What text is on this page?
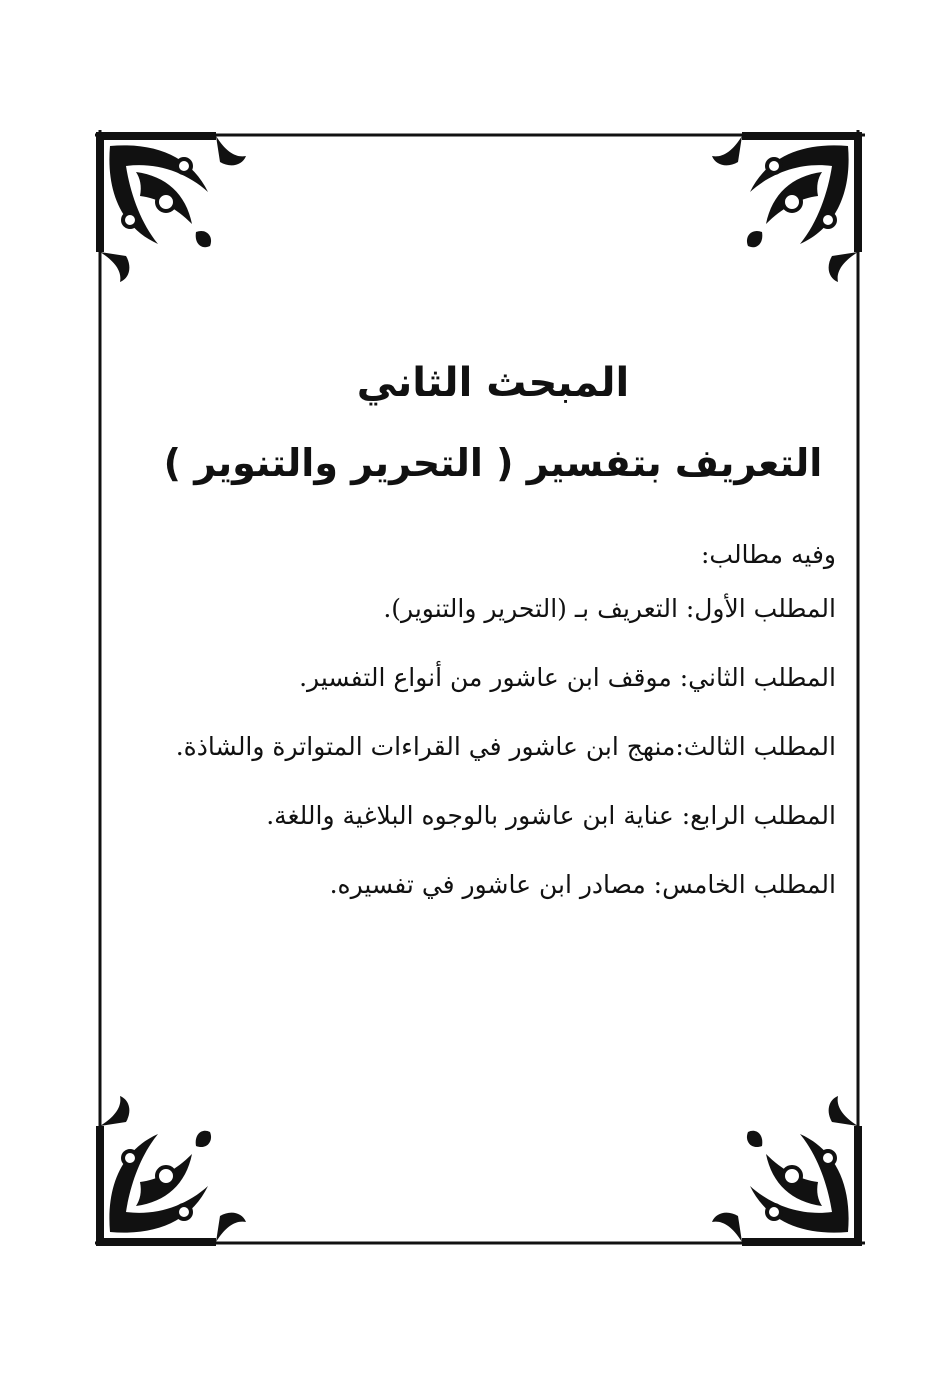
المبحث الثاني
التعريف بتفسير ( التحرير والتنوير )

وفيه مطالب:

المطلب الأول: التعريف بـ (التحرير والتنوير).
المطلب الثاني: موقف ابن عاشور من أنواع التفسير.
المطلب الثالث:منهج ابن عاشور في القراءات المتواترة والشاذة.
المطلب الرابع: عناية ابن عاشور بالوجوه البلاغية واللغة.
المطلب الخامس: مصادر ابن عاشور في تفسيره.
